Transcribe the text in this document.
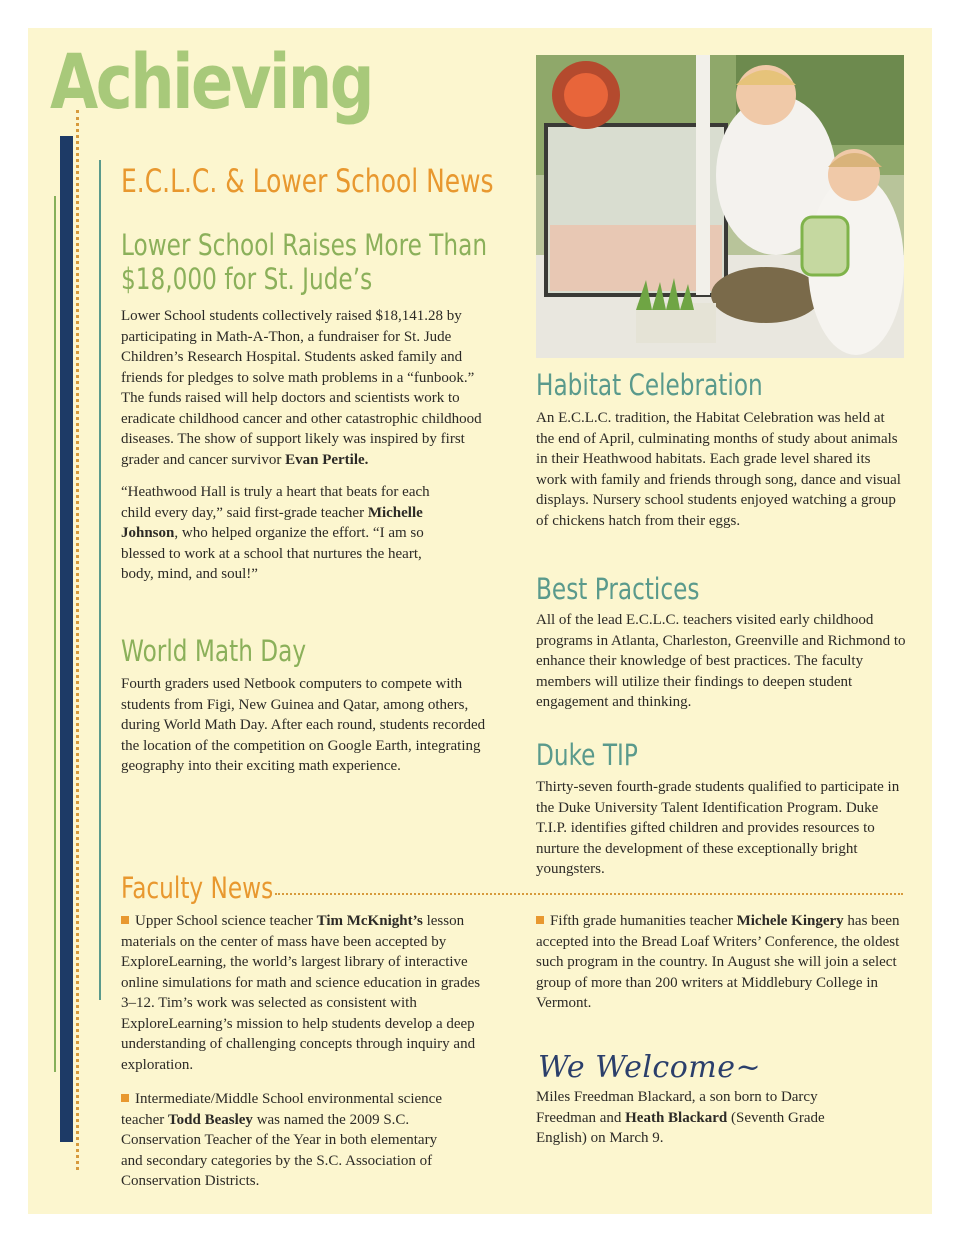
Achieving
E.C.L.C. & Lower School News
Lower School Raises More Than
$18,000 for St. Jude’s

Lower School students collectively raised $18,141.28 by participating in Math-A-Thon, a fundraiser for St. Jude Children’s Research Hospital. Students asked family and friends for pledges to solve math problems in a “funbook.” The funds raised will help doctors and scientists work to eradicate childhood cancer and other catastrophic childhood diseases. The show of support likely was inspired by first grader and cancer survivor Evan Pertile.

“Heathwood Hall is truly a heart that beats for each child every day,” said first-grade teacher Michelle Johnson, who helped organize the effort. “I am so blessed to work at a school that nurtures the heart, body, mind, and soul!”

World Math Day
Fourth graders used Netbook computers to compete with students from Figi, New Guinea and Qatar, among others, during World Math Day. After each round, students recorded the location of the competition on Google Earth, integrating geography into their exciting math experience.
Habitat Celebration
An E.C.L.C. tradition, the Habitat Celebration was held at the end of April, culminating months of study about animals in their Heathwood habitats. Each grade level shared its work with family and friends through song, dance and visual displays. Nursery school students enjoyed watching a group of chickens hatch from their eggs.
Best Practices
All of the lead E.C.L.C. teachers visited early childhood programs in Atlanta, Charleston, Greenville and Richmond to enhance their knowledge of best practices. The faculty members will utilize their findings to deepen student engagement and thinking.
Duke TIP
Thirty-seven fourth-grade students qualified to participate in the Duke University Talent Identification Program. Duke T.I.P. identifies gifted children and provides resources to nurture the development of these exceptionally bright youngsters.
Faculty News

Upper School science teacher Tim McKnight’s lesson materials on the center of mass have been accepted by ExploreLearning, the world’s largest library of interactive online simulations for math and science education in grades 3–12. Tim’s work was selected as consistent with ExploreLearning’s mission to help students develop a deep understanding of challenging concepts through inquiry and exploration.

Intermediate/Middle School environmental science teacher Todd Beasley was named the 2009 S.C. Conservation Teacher of the Year in both elementary and secondary categories by the S.C. Association of Conservation Districts.

Fifth grade humanities teacher Michele Kingery has been accepted into the Bread Loaf Writers’ Conference, the oldest such program in the country. In August she will join a select group of more than 200 writers at Middlebury College in Vermont.

We Welcome~

Miles Freedman Blackard, a son born to Darcy Freedman and Heath Blackard (Seventh Grade English) on March 9.
